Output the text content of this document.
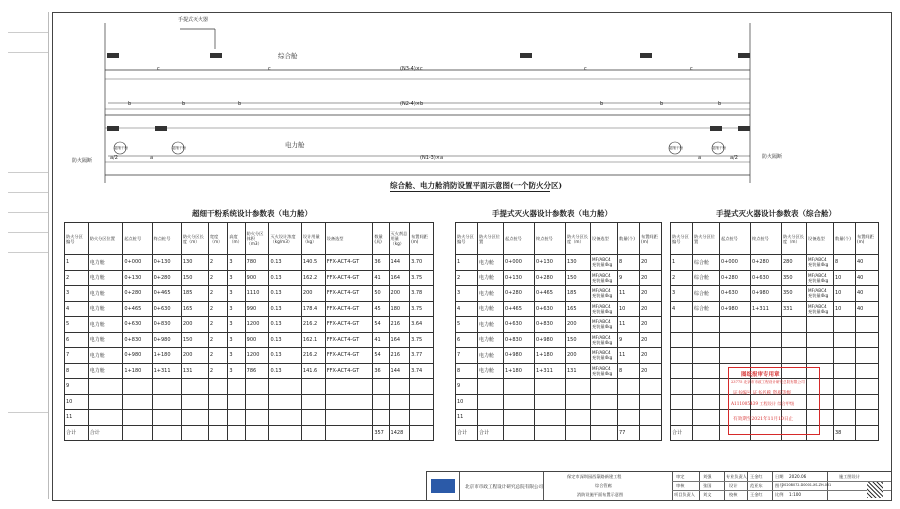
手提式灭火器
综合舱
电力舱
(N3-4)×c
(N2-4)×b
(N1-3)×a
c	c	c	c
b	b	b	b	b	b
a/2	a	a	a/2
超细干粉	超细干粉	超细干粉	超细干粉
防火隔断
防火隔断
综合舱、电力舱消防设置平面示意图(一个防火分区)
超细干粉系统设计参数表（电力舱）
防火分区编号	防火分区位置	起点桩号	终点桩号	防火分区长度（m）	宽度（m）	高度（m）	防火分区体积（m3）	灭火设计浓度（kg/m3）	设计用量（kg）	设备选型	数量(具)	灭火剂总用量（kg）	布置间距(m)
1	电力舱	0+000	0+130	130	2	3	780	0.13	140.5	FFX-ACT4-GT	36	144	3.70
2	电力舱	0+130	0+280	150	2	3	900	0.13	162.2	FFX-ACT4-GT	41	164	3.75
3	电力舱	0+280	0+465	185	2	3	1110	0.13	200	FFX-ACT4-GT	50	200	3.78
4	电力舱	0+465	0+630	165	2	3	990	0.13	178.4	FFX-ACT4-GT	45	180	3.75
5	电力舱	0+630	0+830	200	2	3	1200	0.13	216.2	FFX-ACT4-GT	54	216	3.64
6	电力舱	0+830	0+980	150	2	3	900	0.13	162.1	FFX-ACT4-GT	41	164	3.75
7	电力舱	0+980	1+180	200	2	3	1200	0.13	216.2	FFX-ACT4-GT	54	216	3.77
8	电力舱	1+180	1+311	131	2	3	786	0.13	141.6	FFX-ACT4-GT	36	144	3.74
9													
10													
11													
合计	合计										357	1428	
手提式灭火器设计参数表（电力舱）
防火分区编号	防火分区位置	起点桩号	终点桩号	防火分区长度（m）	设备选型	数量(个)	布置间距(m)
1	电力舱	0+000	0+130	130	MF/ABC4 充装量4kg	8	20
2	电力舱	0+130	0+280	150	MF/ABC4 充装量4kg	9	20
3	电力舱	0+280	0+465	185	MF/ABC4 充装量4kg	11	20
4	电力舱	0+465	0+630	165	MF/ABC4 充装量4kg	10	20
5	电力舱	0+630	0+830	200	MF/ABC4 充装量4kg	11	20
6	电力舱	0+830	0+980	150	MF/ABC4 充装量4kg	9	20
7	电力舱	0+980	1+180	200	MF/ABC4 充装量4kg	11	20
8	电力舱	1+180	1+311	131	MF/ABC4 充装量4kg	8	20
9							
10							
11							
合计	合计					77	
手提式灭火器设计参数表（综合舱）
防火分区编号	防火分区位置	起点桩号	终点桩号	防火分区长度（m）	设备选型	数量(个)	布置间距(m)
1	综合舱	0+000	0+280	280	MF/ABC4 充装量4kg	8	40
2	综合舱	0+280	0+630	350	MF/ABC4 充装量4kg	10	40
3	综合舱	0+630	0+980	350	MF/ABC4 充装量4kg	10	40
4	综合舱	0+980	1+311	331	MF/ABC4 充装量4kg	10	40

合计						38	
图纸报审专用章
23775 北京市市政工程设计研究总院有限公司
证书编号 证书名称 资质等级
A111005439 工程设计 综合甲级
有效期至2021年11月10日止
北京市市政工程设计研究总院有限公司
保定市深圳园西篆路新建工程
综合管廊
消防设施平面布置示意图
审定
审核
项目负责人
刘强
张国
刘文
专业负责人
设计
校核
王金红
范亚东
王金红
日期 2020.06
图号
2020B072-D0001-XS-ZH-001
比例 1:100
施工图设计
